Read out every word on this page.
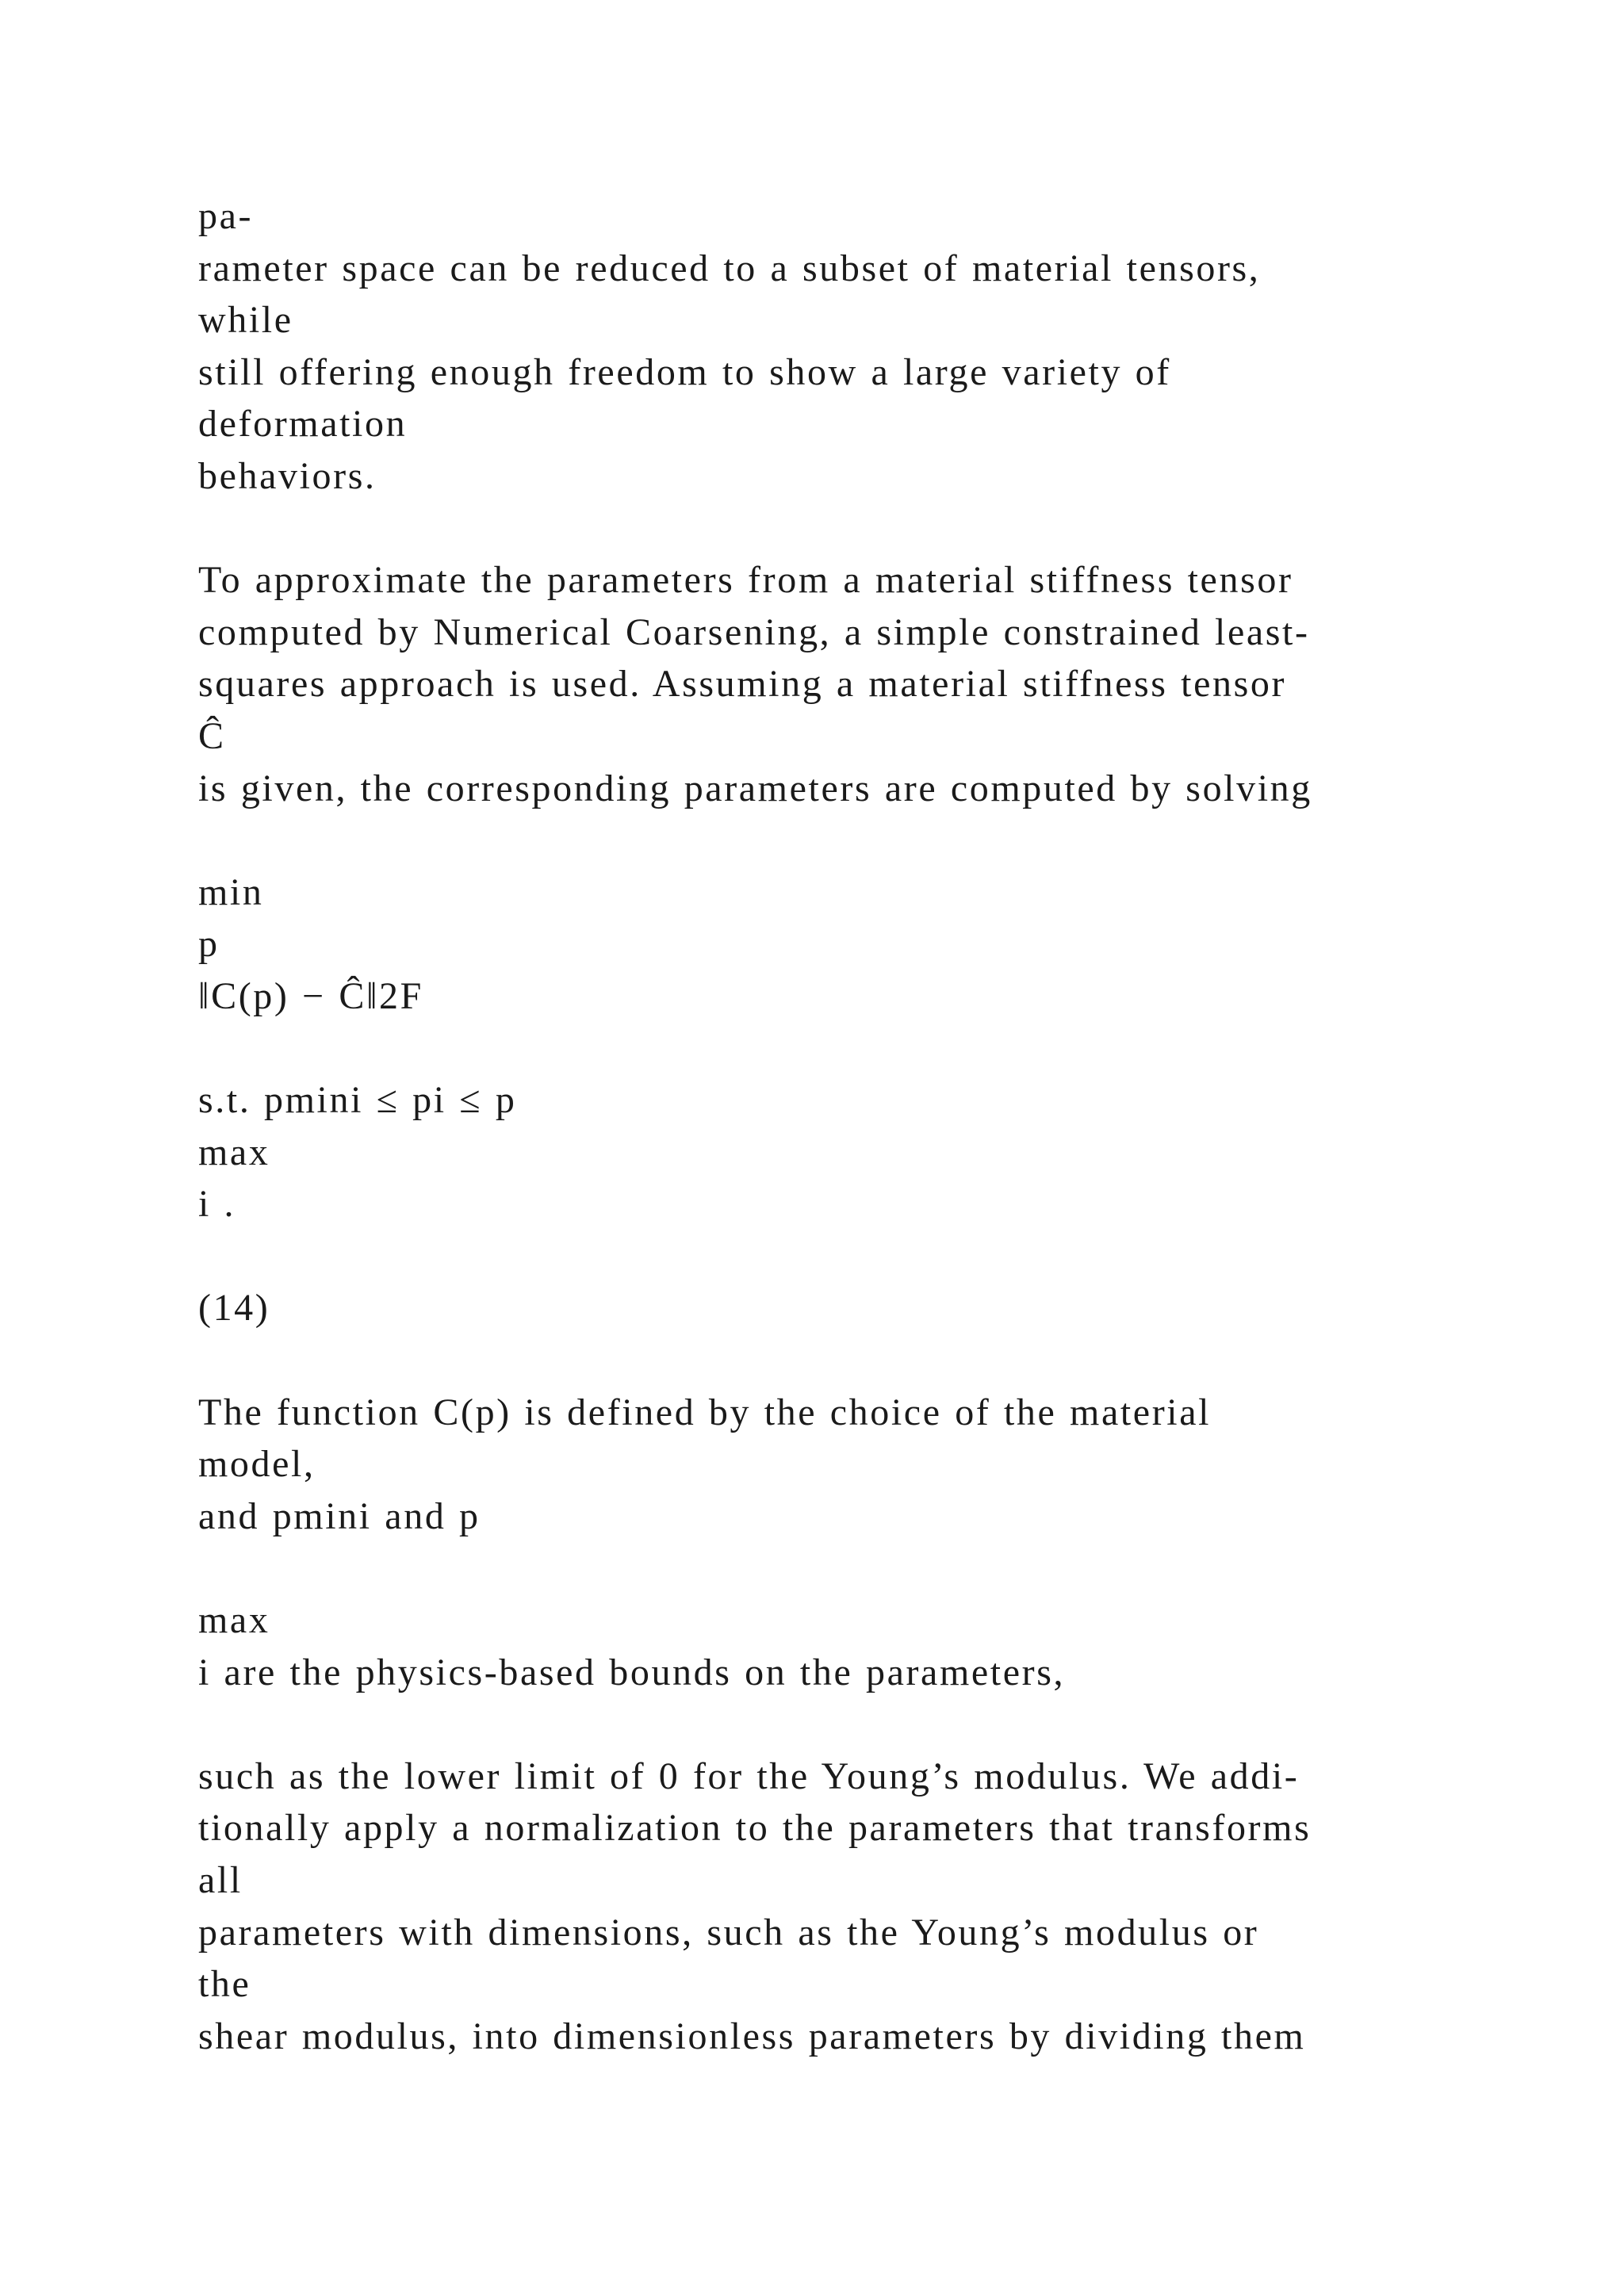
pa-
rameter space can be reduced to a subset of material tensors,
while
still offering enough freedom to show a large variety of
deformation
behaviors.
To approximate the parameters from a material stiffness tensor
computed by Numerical Coarsening, a simple constrained least-
squares approach is used. Assuming a material stiffness tensor
Ĉ
is given, the corresponding parameters are computed by solving
min
p
‖C(p) − Ĉ‖2F
s.t. pmini ≤ pi ≤ p
max
i .
(14)
The function C(p) is defined by the choice of the material
model,
and pmini and p
max
i are the physics-based bounds on the parameters,
such as the lower limit of 0 for the Young’s modulus. We addi-
tionally apply a normalization to the parameters that transforms
all
parameters with dimensions, such as the Young’s modulus or
the
shear modulus, into dimensionless parameters by dividing them
